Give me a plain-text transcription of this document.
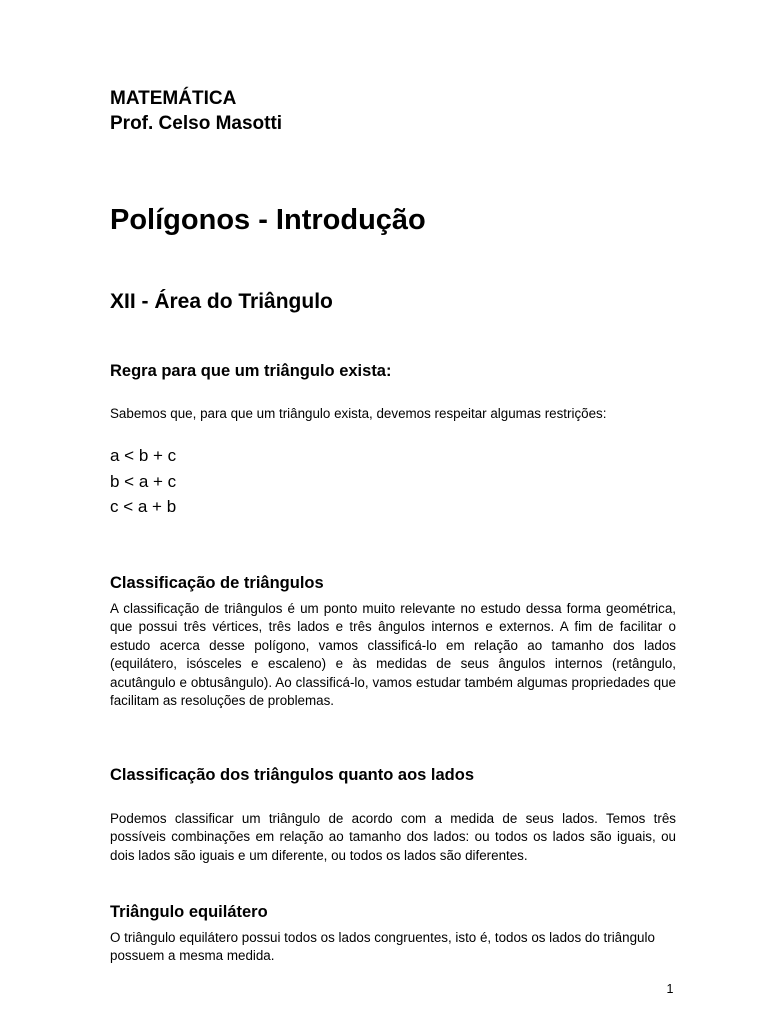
MATEMÁTICA
Prof. Celso Masotti
Polígonos - Introdução
XII - Área do Triângulo
Regra para que um triângulo exista:
Sabemos que, para que um triângulo exista, devemos respeitar algumas restrições:
a < b + c
b < a + c
c < a + b
Classificação de triângulos
A classificação de triângulos é um ponto muito relevante no estudo dessa forma geométrica, que possui três vértices, três lados e três ângulos internos e externos. A fim de facilitar o estudo acerca desse polígono, vamos classificá-lo em relação ao tamanho dos lados (equilátero, isósceles e escaleno) e às medidas de seus ângulos internos (retângulo, acutângulo e obtusângulo). Ao classificá-lo, vamos estudar também algumas propriedades que facilitam as resoluções de problemas.
Classificação dos triângulos quanto aos lados
Podemos classificar um triângulo de acordo com a medida de seus lados. Temos três possíveis combinações em relação ao tamanho dos lados: ou todos os lados são iguais, ou dois lados são iguais e um diferente, ou todos os lados são diferentes.
Triângulo equilátero
O triângulo equilátero possui todos os lados congruentes, isto é, todos os lados do triângulo possuem a mesma medida.
1
